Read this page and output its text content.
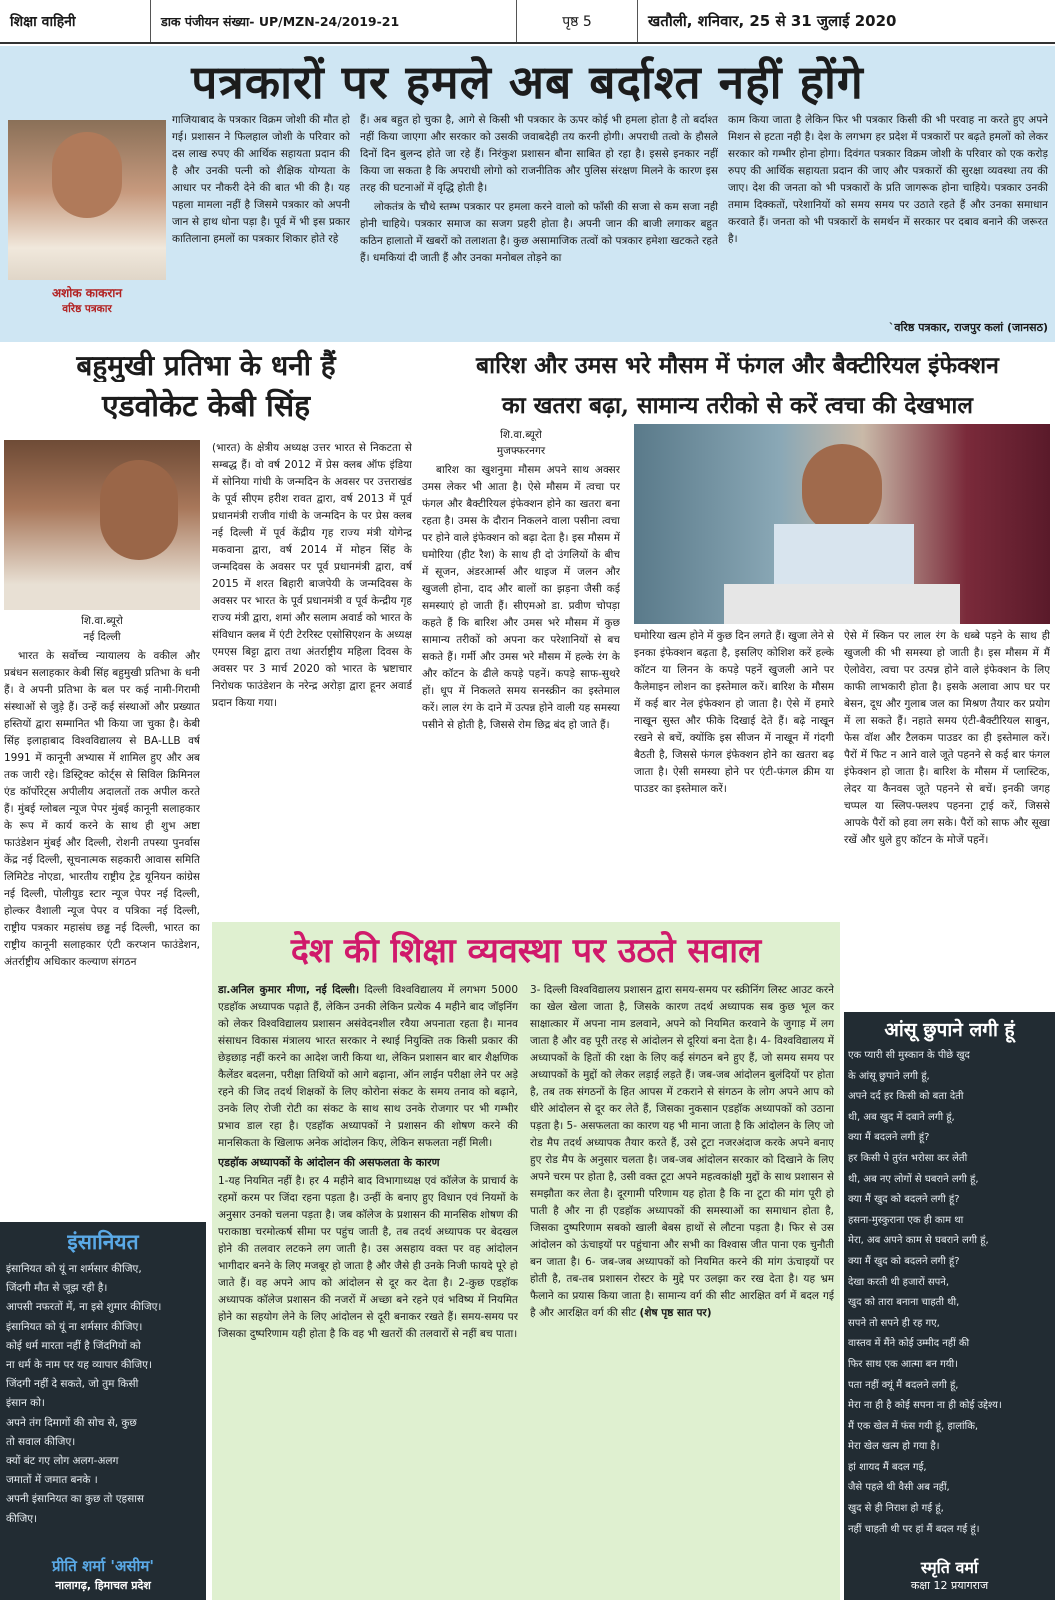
शिक्षा वाहिनी	डाक पंजीयन संख्या- UP/MZN-24/2019-21	पृष्ठ 5	खतौली, शनिवार, 25 से 31 जुलाई 2020
पत्रकारों पर हमले अब बर्दाश्त नहीं होंगे
अशोक काकरान
वरिष्ठ पत्रकार
गाजियाबाद के पत्रकार विक्रम जोशी की मौत हो गई। प्रशासन ने फिलहाल जोशी के परिवार को दस लाख रुपए की आर्थिक सहायता प्रदान की है और उनकी पत्नी को शैक्षिक योग्यता के आधार पर नौकरी देने की बात भी की है। यह पहला मामला नहीं है जिसमे पत्रकार को अपनी जान से हाथ धोना पड़ा है। पूर्व में भी इस प्रकार कातिलाना हमलों का पत्रकार शिकार होते रहे

हैं। अब बहुत हो चुका है, आगे से किसी भी पत्रकार के ऊपर कोई भी हमला होता है तो बर्दाश्त नहीं किया जाएगा और सरकार को उसकी जवाबदेही तय करनी होगी। अपराधी तत्वो के हौसले दिनों दिन बुलन्द होते जा रहे हैं। निरंकुश प्रशासन बौना साबित हो रहा है। इससे इनकार नहीं किया जा सकता है कि अपराधी लोगो को राजनीतिक और पुलिस संरक्षण मिलने के कारण इस तरह की घटनाओं में वृद्धि होती है।

लोकतंत्र के चौथे स्तम्भ पत्रकार पर हमला करने वालो को फाँसी की सजा से कम सजा नही होनी चाहिये। पत्रकार समाज का सजग प्रहरी होता है। अपनी जान की बाजी लगाकर बहुत कठिन हालातो में खबरों को तलाशता है। कुछ असामाजिक तत्वों को पत्रकार हमेशा खटकते रहते हैं। धमकियां दी जाती हैं और उनका मनोबल तोड़ने का

काम किया जाता है लेकिन फिर भी पत्रकार किसी की भी परवाह ना करते हुए अपने मिशन से हटता नही है। देश के लगभग हर प्रदेश में पत्रकारों पर बढ़ते हमलों को लेकर सरकार को गम्भीर होना होगा। दिवंगत पत्रकार विक्रम जोशी के परिवार को एक करोड़ रुपए की आर्थिक सहायता प्रदान की जाए और पत्रकारों की सुरक्षा व्यवस्था तय की जाए। देश की जनता को भी पत्रकारों के प्रति जागरूक होना चाहिये। पत्रकार उनकी तमाम दिक्कतों, परेशानियों को समय समय पर उठाते रहते हैं और उनका समाधान करवाते हैं। जनता को भी पत्रकारों के समर्थन में सरकार पर दबाव बनाने की जरूरत है।
`वरिष्ठ पत्रकार, राजपुर कलां (जानसठ)
बहुमुखी प्रतिभा के धनी हैं
एडवोकेट केबी सिंह
शि.वा.ब्यूरो
नई दिल्ली
भारत के सर्वोच्च न्यायालय के वकील और प्रबंधन सलाहकार केबी सिंह बहुमुखी प्रतिभा के धनी हैं। वे अपनी प्रतिभा के बल पर कई नामी-गिरामी संस्थाओं से जुड़े हैं। उन्हें कई संस्थाओं और प्रख्यात हस्तियों द्वारा सम्मानित भी किया जा चुका है। केबी सिंह इलाहाबाद विश्वविद्यालय से BA-LLB वर्ष 1991 में कानूनी अभ्यास में शामिल हुए और अब तक जारी रहे। डिस्ट्रिक्ट कोर्ट्स से सिविल क्रिमिनल एंड कॉर्पोरेट्स अपीलीय अदालतों तक अपील करते हैं। मुंबई ग्लोबल न्यूज पेपर मुंबई कानूनी सलाहकार के रूप में कार्य करने के साथ ही शुभ अष्टा फाउंडेशन मुंबई और दिल्ली, रोशनी तपस्या पुनर्वास केंद्र नई दिल्ली, सूचनात्मक सहकारी आवास समिति लिमिटेड नोएडा, भारतीय राष्ट्रीय ट्रेड यूनियन कांग्रेस नई दिल्ली, पोलीयुड स्टार न्यूज पेपर नई दिल्ली, होल्कर वैशाली न्यूज पेपर व पत्रिका नई दिल्ली, राष्ट्रीय पत्रकार महासंघ छड्ढ नई दिल्ली, भारत का राष्ट्रीय कानूनी सलाहकार एंटी करप्शन फाउंडेशन, अंतर्राष्ट्रीय अधिकार कल्याण संगठन
(भारत) के क्षेत्रीय अध्यक्ष उत्तर भारत से निकटता से सम्बद्ध हैं। वो वर्ष 2012 में प्रेस क्लब ऑफ इंडिया में सोनिया गांधी के जन्मदिन के अवसर पर उत्तराखंड के पूर्व सीएम हरीश रावत द्वारा, वर्ष 2013 में पूर्व प्रधानमंत्री राजीव गांधी के जन्मदिन के पर प्रेस क्लब नई दिल्ली में पूर्व केंद्रीय गृह राज्य मंत्री योगेन्द्र मकवाना द्वारा, वर्ष 2014 में मोहन सिंह के जन्मदिवस के अवसर पर पूर्व प्रधानमंत्री द्वारा, वर्ष 2015 में शरत बिहारी बाजपेयी के जन्मदिवस के अवसर पर भारत के पूर्व प्रधानमंत्री व पूर्व केन्द्रीय गृह राज्य मंत्री द्वारा, शमां और सलाम अवार्ड को भारत के संविधान क्लब में एंटी टेररिस्ट एसोसिएशन के अध्यक्ष एमएस बिट्टा द्वारा तथा अंतर्राष्ट्रीय महिला दिवस के अवसर पर 3 मार्च 2020 को भारत के भ्रष्टाचार निरोधक फाउंडेशन के नरेन्द्र अरोड़ा द्वारा हूनर अवार्ड प्रदान किया गया।
बारिश और उमस भरे मौसम में फंगल और बैक्टीरियल इंफेक्शन
का खतरा बढ़ा, सामान्य तरीको से करें त्वचा की देखभाल
शि.वा.ब्यूरो
मुजफ्फरनगर
बारिश का खुशनुमा मौसम अपने साथ अक्सर उमस लेकर भी आता है। ऐसे मौसम में त्वचा पर फंगल और बैक्टीरियल इंफेक्शन होने का खतरा बना रहता है। उमस के दौरान निकलने वाला पसीना त्वचा पर होने वाले इंफेक्शन को बढ़ा देता है। इस मौसम में घमोरिया (हीट रैश) के साथ ही दो उंगलियों के बीच में सूजन, अंडरआर्म्स और थाइज में जलन और खुजली होना, दाद और बालों का झड़ना जैसी कई समस्याएं हो जाती हैं। सीएमओ डा. प्रवीण चोपड़ा कहते हैं कि बारिश और उमस भरे मौसम में कुछ सामान्य तरीकों को अपना कर परेशानियों से बच सकते हैं। गर्मी और उमस भरे मौसम में हल्के रंग के और कॉटन के ढीले कपड़े पहनें। कपड़े साफ-सुथरे हों। धूप में निकलते समय सनस्क्रीन का इस्तेमाल करें। लाल रंग के दाने में उत्पन्न होने वाली यह समस्या पसीने से होती है, जिससे रोम छिद्र बंद हो जाते हैं।
घमोरिया खत्म होने में कुछ दिन लगते हैं। खुजा लेने से इनका इंफेक्शन बढ़ता है, इसलिए कोशिश करें हल्के कॉटन या लिनन के कपड़े पहनें खुजली आने पर कैलेमाइन लोशन का इस्तेमाल करें। बारिश के मौसम में कई बार नेल इंफेक्शन हो जाता है। ऐसे में हमारे नाखून सुस्त और फीके दिखाई देते हैं। बढ़े नाखून रखने से बचें, क्योंकि इस सीजन में नाखून में गंदगी बैठती है, जिससे फंगल इंफेक्शन होने का खतरा बढ़ जाता है। ऐसी समस्या होने पर एंटी-फंगल क्रीम या पाउडर का इस्तेमाल करें।
ऐसे में स्किन पर लाल रंग के धब्बे पड़ने के साथ ही खुजली की भी समस्या हो जाती है। इस मौसम में मैं ऐलोवेरा, त्वचा पर उत्पन्न होने वाले इंफेक्शन के लिए काफी लाभकारी होता है। इसके अलावा आप घर पर बेसन, दूध और गुलाब जल का मिश्रण तैयार कर प्रयोग में ला सकते हैं। नहाते समय एंटी-बैक्टीरियल साबुन, फेस वॉश और टैलकम पाउडर का ही इस्तेमाल करें। पैरों में फिट न आने वाले जूते पहनने से कई बार फंगल इंफेक्शन हो जाता है। बारिश के मौसम में प्लास्टिक, लेदर या कैनवस जूते पहनने से बचें। इनकी जगह चप्पल या स्लिप-फ्लश्प पहनना ट्राई करें, जिससे आपके पैरों को हवा लग सके। पैरों को साफ और सूखा रखें और धुले हुए कॉटन के मोजें पहनें।
देश की शिक्षा व्यवस्था पर उठते सवाल

डा.अनिल कुमार मीणा, नई दिल्ली। दिल्ली विश्वविद्यालय में लगभग 5000 एडहॉक अध्यापक पढ़ाते हैं, लेकिन उनकी लेकिन प्रत्येक 4 महीने बाद जॉइनिंग को लेकर विश्वविद्यालय प्रशासन असंवेदनशील रवैया अपनाता रहता है। मानव संसाधन विकास मंत्रालय भारत सरकार ने स्थाई नियुक्ति तक किसी प्रकार की छेड़छाड़ नहीं करने का आदेश जारी किया था, लेकिन प्रशासन बार बार शैक्षणिक कैलेंडर बदलना, परीक्षा तिथियों को आगे बढ़ाना, ऑन लाईन परीक्षा लेने पर अड़े रहने की जिद तदर्थ शिक्षकों के लिए कोरोना संकट के समय तनाव को बढ़ाने, उनके लिए रोजी रोटी का संकट के साथ साथ उनके रोजगार पर भी गम्भीर प्रभाव डाल रहा है। एडहॉक अध्यापकों ने प्रशासन की शोषण करने की मानसिकता के खिलाफ अनेक आंदोलन किए, लेकिन सफलता नहीं मिली।

एडहॉक अध्यापकों के आंदोलन की असफलता के कारण

1-यह नियमित नहीं है। हर 4 महीने बाद विभागाध्यक्ष एवं कॉलेज के प्राचार्य के रहमों करम पर जिंदा रहना पड़ता है। उन्हीं के बनाए हुए विधान एवं नियमों के अनुसार उनको चलना पड़ता है। जब कॉलेज के प्रशासन की मानसिक शोषण की पराकाष्ठा चरमोत्कर्ष सीमा पर पहुंच जाती है, तब तदर्थ अध्यापक पर बेदखल होने की तलवार लटकने लग जाती है। उस असहाय वक्त पर वह आंदोलन भागीदार बनने के लिए मजबूर हो जाता है और जैसे ही उनके निजी फायदे पूरे हो जाते हैं। वह अपने आप को आंदोलन से दूर कर देता है। 2-कुछ एडहॉक अध्यापक कॉलेज प्रशासन की नजरों में अच्छा बने रहने एवं भविष्य में नियमित होने का सहयोग लेने के लिए आंदोलन से दूरी बनाकर रखते हैं। समय-समय पर जिसका दुष्परिणाम यही होता है कि वह भी खतरों की तलवारों से नहीं बच पाता।

3- दिल्ली विश्वविद्यालय प्रशासन द्वारा समय-समय पर स्क्रीनिंग लिस्ट आउट करने का खेल खेला जाता है, जिसके कारण तदर्थ अध्यापक सब कुछ भूल कर साक्षात्कार में अपना नाम डलवाने, अपने को नियमित करवाने के जुगाड़ में लग जाता है और वह पूरी तरह से आंदोलन से दूरियां बना देता है। 4- विश्वविद्यालय में अध्यापकों के हितों की रक्षा के लिए कई संगठन बने हुए हैं, जो समय समय पर अध्यापकों के मुद्दों को लेकर लड़ाई लड़ते हैं। जब-जब आंदोलन बुलंदियों पर होता है, तब तक संगठनों के हित आपस में टकराने से संगठन के लोग अपने आप को धीरे आंदोलन से दूर कर लेते हैं, जिसका नुकसान एडहॉक अध्यापकों को उठाना पड़ता है। 5- असफलता का कारण यह भी माना जाता है कि आंदोलन के लिए जो रोड मैप तदर्थ अध्यापक तैयार करते हैं, उसे टूटा नजरअंदाज करके अपने बनाए हुए रोड मैप के अनुसार चलता है। जब-जब आंदोलन सरकार को दिखाने के लिए अपने चरम पर होता है, उसी वक्त टूटा अपने महत्वकांक्षी मुद्दों के साथ प्रशासन से समझौता कर लेता है। दूरगामी परिणाम यह होता है कि ना टूटा की मांग पूरी हो पाती है और ना ही एडहॉक अध्यापकों की समस्याओं का समाधान होता है, जिसका दुष्परिणाम सबको खाली बेबस हाथों से लौटना पड़ता है। फिर से उस आंदोलन को ऊंचाइयों पर पहुंचाना और सभी का विश्वास जीत पाना एक चुनौती बन जाता है। 6- जब-जब अध्यापकों को नियमित करने की मांग ऊंचाइयों पर होती है, तब-तब प्रशासन रोस्टर के मुद्दे पर उलझा कर रख देता है। यह भ्रम फैलाने का प्रयास किया जाता है। सामान्य वर्ग की सीट आरक्षित वर्ग में बदल गई है और आरक्षित वर्ग की सीट (शेष पृष्ठ सात पर)
इंसानियत
इंसानियत को यूं ना शर्मसार कीजिए,
जिंदगी मौत से जूझ रही है।
आपसी नफरतों में, ना इसे शुमार कीजिए।
इंसानियत को यूं ना शर्मसार कीजिए।
कोई धर्म मारता नहीं है जिंदगियों को
ना धर्म के नाम पर यह व्यापार कीजिए।
जिंदगी नहीं दे सकते, जो तुम किसी
इंसान को।
अपने तंग दिमागों की सोच से, कुछ
तो सवाल कीजिए।
क्यों बंट गए लोग अलग-अलग
जमातों में जमात बनके ।
अपनी इंसानियत का कुछ तो एहसास
कीजिए।
प्रीति शर्मा 'असीम'
नालागढ़, हिमाचल प्रदेश
आंसू छुपाने लगी हूं
एक प्यारी सी मुस्कान के पीछे खुद
के आंसू छुपाने लगी हूं,
अपने दर्द हर किसी को बता देती
थी, अब खुद में दबाने लगी हूं,
क्या मैं बदलने लगी हूं?
हर किसी पे तुरंत भरोसा कर लेती
थी, अब नए लोगों से घबराने लगी हूं,
क्या मैं खुद को बदलने लगी हूं?
हसना-मुस्कुराना एक ही काम था
मेरा, अब अपने काम से घबराने लगी हूं,
क्या मैं खुद को बदलने लगी हूं?
देखा करती थी हजारों सपने,
खुद को तारा बनाना चाहती थी,
सपने तो सपने ही रह गए,
वास्तव में मैंने कोई उम्मीद नहीं की
फिर साथ एक आत्मा बन गयी।
पता नहीं क्यूं मैं बदलने लगी हूं,
मेरा ना ही है कोई सपना ना ही कोई उद्देश्य।
मैं एक खेल में फंस गयी हूं, हालांकि,
मेरा खेल खत्म हो गया है।
हां शायद मैं बदल गई,
जैसे पहले थी वैसी अब नहीं,
खुद से ही निराश हो गई हूं,
नहीं चाहती थी पर हां मैं बदल गई हूं।
स्मृति वर्मा
कक्षा 12 प्रयागराज
